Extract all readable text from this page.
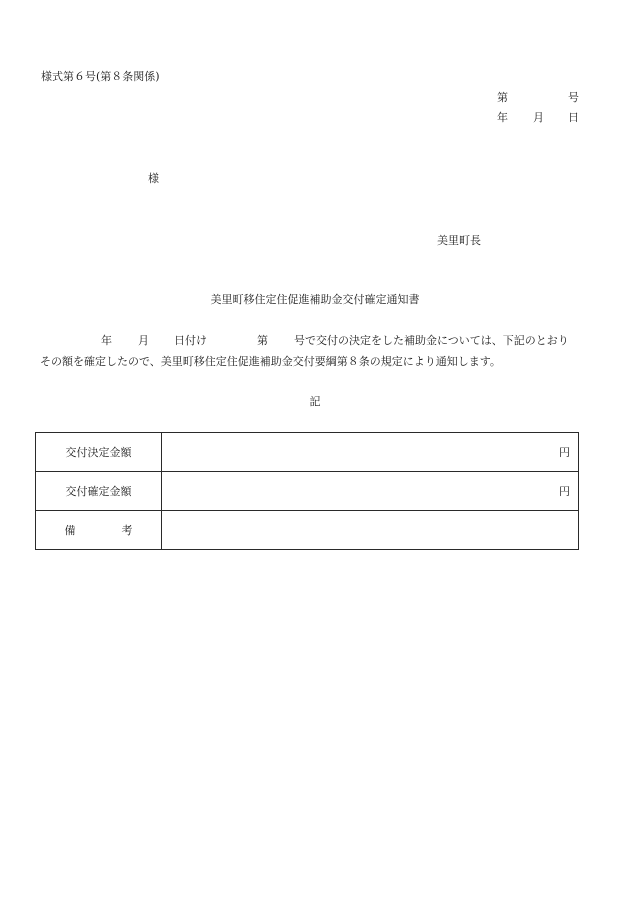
様式第６号(第８条関係)
第	号
年 月 日
様
美里町長
美里町移住定住促進補助金交付確定通知書
年 月 日付け	第 号で交付の決定をした補助金については、下記のとおり
その額を確定したので、美里町移住定住促進補助金交付要綱第８条の規定により通知します。
記
交付決定金額	円
交付確定金額	円

備 考	
